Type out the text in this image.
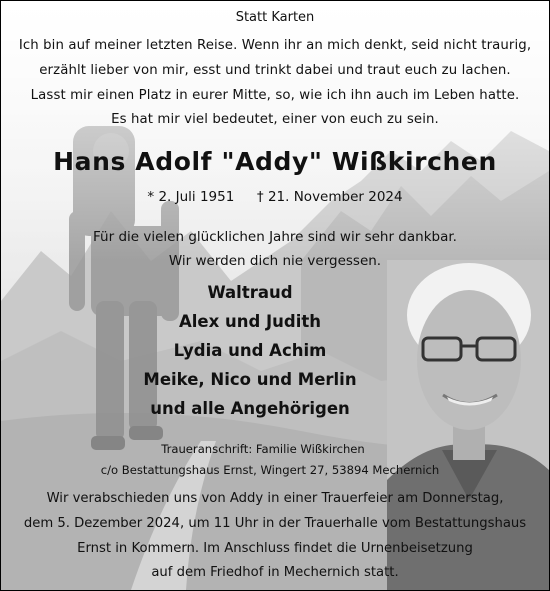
Statt Karten
Ich bin auf meiner letzten Reise. Wenn ihr an mich denkt, seid nicht traurig,
erzählt lieber von mir, esst und trinkt dabei und traut euch zu lachen.
Lasst mir einen Platz in eurer Mitte, so, wie ich ihn auch im Leben hatte.
Es hat mir viel bedeutet, einer von euch zu sein.
Hans Adolf "Addy" Wißkirchen
* 2. Juli 1951 † 21. November 2024
Für die vielen glücklichen Jahre sind wir sehr dankbar.
Wir werden dich nie vergessen.
Waltraud
Alex und Judith
Lydia und Achim
Meike, Nico und Merlin
und alle Angehörigen
Traueranschrift: Familie Wißkirchen
c/o Bestattungshaus Ernst, Wingert 27, 53894 Mechernich
Wir verabschieden uns von Addy in einer Trauerfeier am Donnerstag,
dem 5. Dezember 2024, um 11 Uhr in der Trauerhalle vom Bestattungshaus
Ernst in Kommern. Im Anschluss findet die Urnenbeisetzung
auf dem Friedhof in Mechernich statt.
